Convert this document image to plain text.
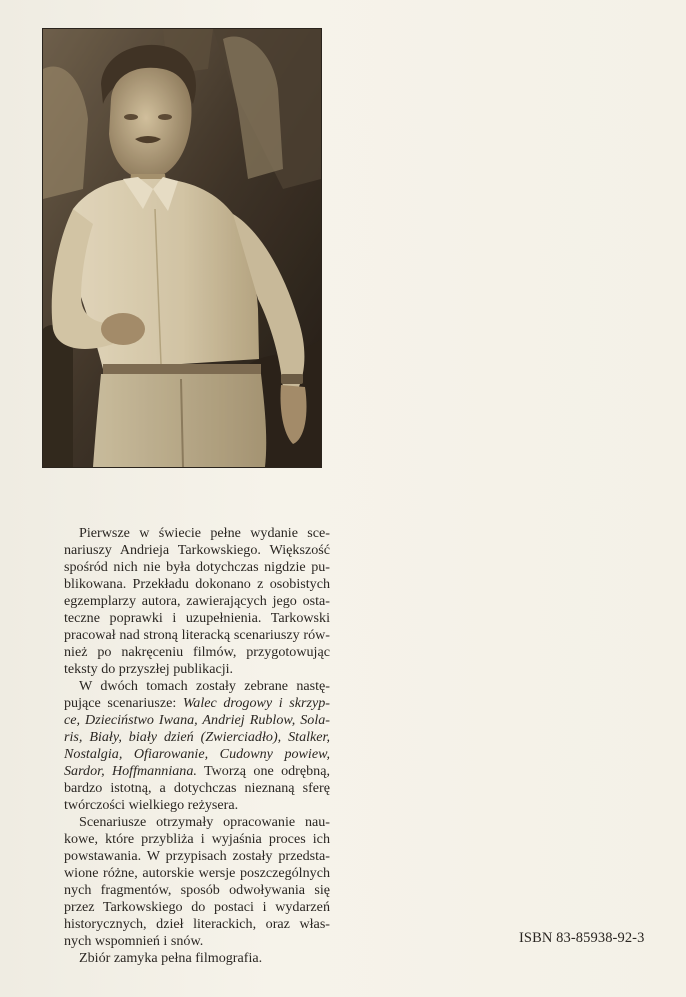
Pierwsze w świecie pełne wydanie sce-
nariuszy Andrieja Tarkowskiego. Większość
spośród nich nie była dotychczas nigdzie pu-
blikowana. Przekładu dokonano z osobistych
egzemplarzy autora, zawierających jego osta-
teczne poprawki i uzupełnienia. Tarkowski
pracował nad stroną literacką scenariuszy rów-
nież po nakręceniu filmów, przygotowując
teksty do przyszłej publikacji.

W dwóch tomach zostały zebrane nastę-
pujące scenariusze: Walec drogowy i skrzyp-
ce, Dzieciństwo Iwana, Andriej Rublow, Sola-
ris, Biały, biały dzień (Zwierciadło), Stalker,
Nostalgia, Ofiarowanie, Cudowny powiew,
Sardor, Hoffmanniana. Tworzą one odrębną,
bardzo istotną, a dotychczas nieznaną sferę
twórczości wielkiego reżysera.

Scenariusze otrzymały opracowanie nau-
kowe, które przybliża i wyjaśnia proces ich
powstawania. W przypisach zostały przedsta-
wione różne, autorskie wersje poszczególnych
nych fragmentów, sposób odwoływania się
przez Tarkowskiego do postaci i wydarzeń
historycznych, dzieł literackich, oraz włas-
nych wspomnień i snów.

Zbiór zamyka pełna filmografia.

ISBN 83-85938-92-3
